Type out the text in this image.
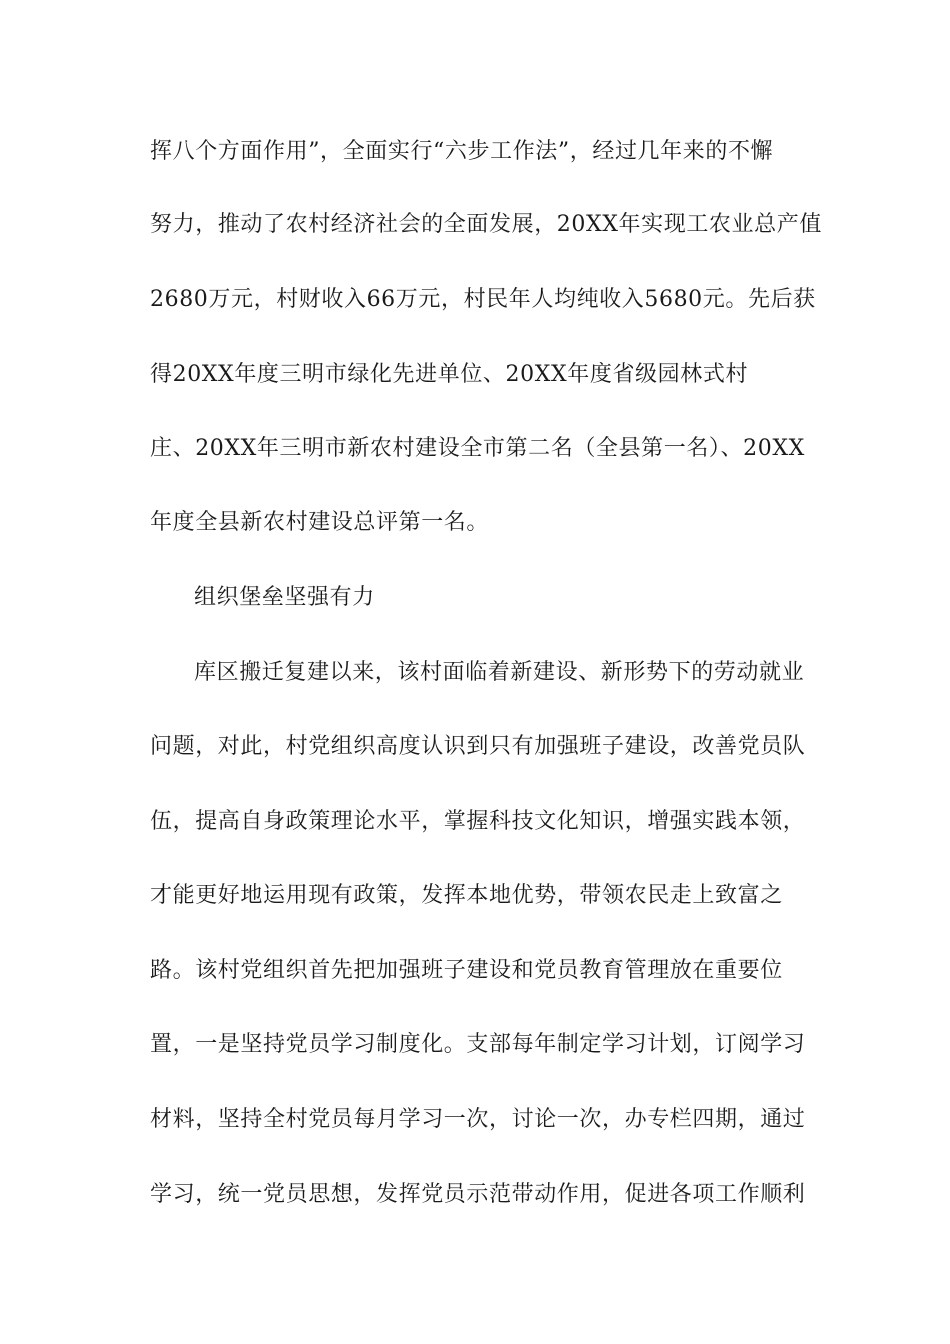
挥八个方面作用”，全面实行“六步工作法”，经过几年来的不懈
努力，推动了农村经济社会的全面发展，20XX年实现工农业总产值
2680万元，村财收入66万元，村民年人均纯收入5680元。先后获
得20XX年度三明市绿化先进单位、20XX年度省级园林式村
庄、20XX年三明市新农村建设全市第二名（全县第一名）、20XX
年度全县新农村建设总评第一名。
组织堡垒坚强有力
库区搬迁复建以来，该村面临着新建设、新形势下的劳动就业
问题，对此，村党组织高度认识到只有加强班子建设，改善党员队
伍，提高自身政策理论水平，掌握科技文化知识，增强实践本领，
才能更好地运用现有政策，发挥本地优势，带领农民走上致富之
路。该村党组织首先把加强班子建设和党员教育管理放在重要位
置，一是坚持党员学习制度化。支部每年制定学习计划，订阅学习
材料，坚持全村党员每月学习一次，讨论一次，办专栏四期，通过
学习，统一党员思想，发挥党员示范带动作用，促进各项工作顺利
